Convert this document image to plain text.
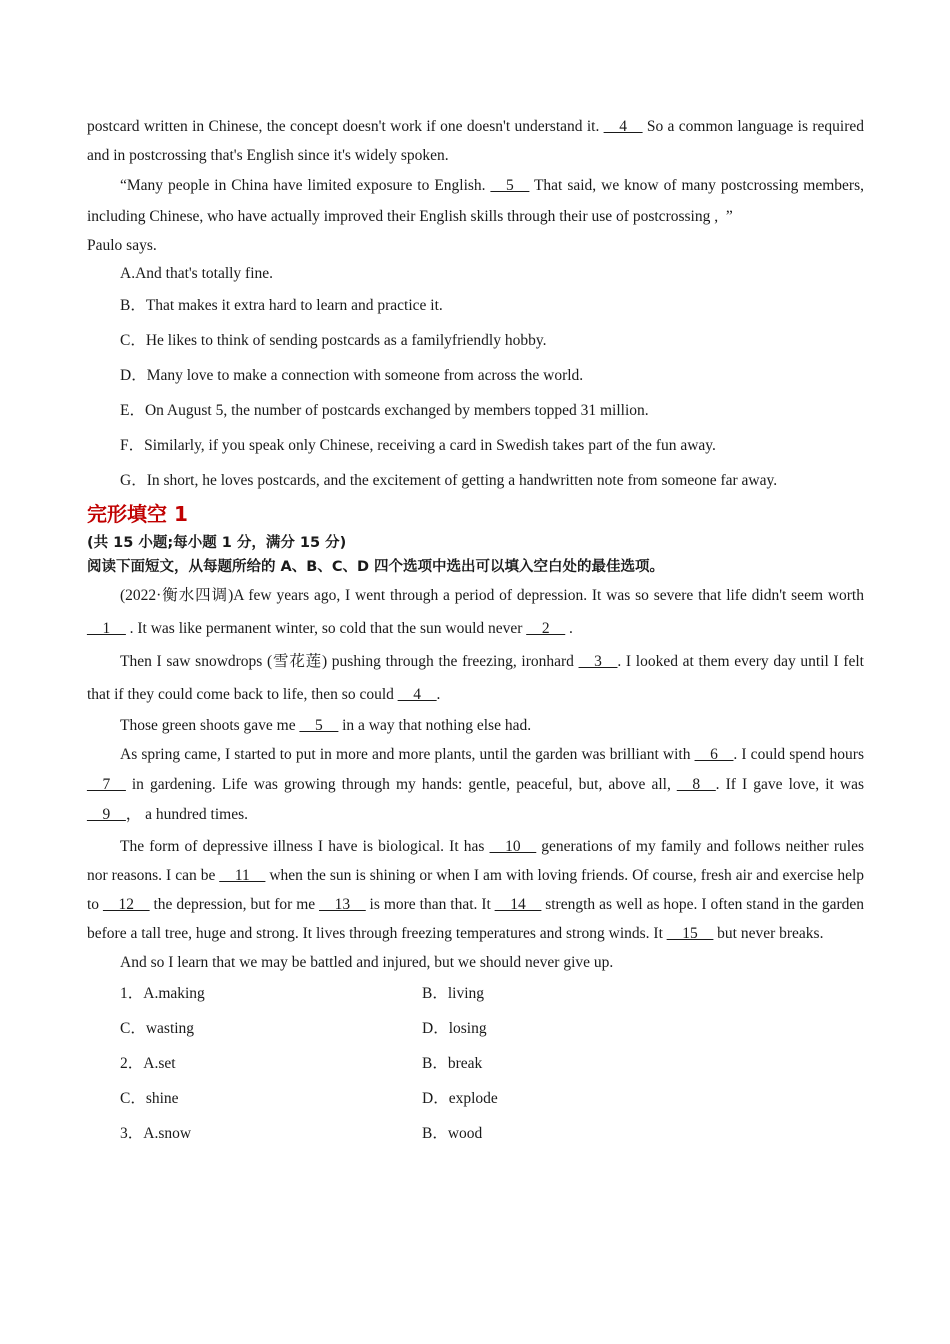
postcard written in Chinese, the concept doesn't work if one doesn't understand it. __4__ So a common language is required and in postcrossing that's English since it's widely spoken.

“Many people in China have limited exposure to English. __5__ That said, we know of many postcrossing members, including Chinese, who have actually improved their English skills through their use of postcrossing ,  ”

Paulo says.

A.And that's totally fine.

B．That makes it extra hard to learn and practice it.

C．He likes to think of sending postcards as a familyfriendly hobby.

D．Many love to make a connection with someone from across the world.

E．On August 5, the number of postcards exchanged by members topped 31 million.

F．Similarly, if you speak only Chinese, receiving a card in Swedish takes part of the fun away.

G．In short, he loves postcards, and the excitement of getting a handwritten note from someone far away.

完形填空 1

(共 15 小题;每小题 1 分，满分 15 分)

阅读下面短文，从每题所给的 A、B、C、D 四个选项中选出可以填入空白处的最佳选项。

(2022·衡水四调)A few years ago, I went through a period of depression. It was so severe that life didn't seem worth __1__ . It was like permanent winter, so cold that the sun would never __2__ .

Then I saw snowdrops (雪花莲) pushing through the freezing, ironhard __3__. I looked at them every day until I felt that if they could come back to life, then so could __4__.

Those green shoots gave me __5__ in a way that nothing else had.

As spring came, I started to put in more and more plants, until the garden was brilliant with __6__. I could spend hours __7__ in gardening. Life was growing through my hands: gentle, peaceful, but, above all, __8__. If I gave love, it was __9__， a hundred times.

The form of depressive illness I have is biological. It has __10__ generations of my family and follows neither rules nor reasons. I can be __11__ when the sun is shining or when I am with loving friends. Of course, fresh air and exercise help to __12__ the depression, but for me __13__ is more than that. It __14__ strength as well as hope. I often stand in the garden before a tall tree, huge and strong. It lives through freezing temperatures and strong winds. It __15__ but never breaks.

And so I learn that we may be battled and injured, but we should never give up.

1．A.making	B．living
C．wasting	D．losing
2．A.set	B．break
C．shine	D．explode
3．A.snow	B．wood
